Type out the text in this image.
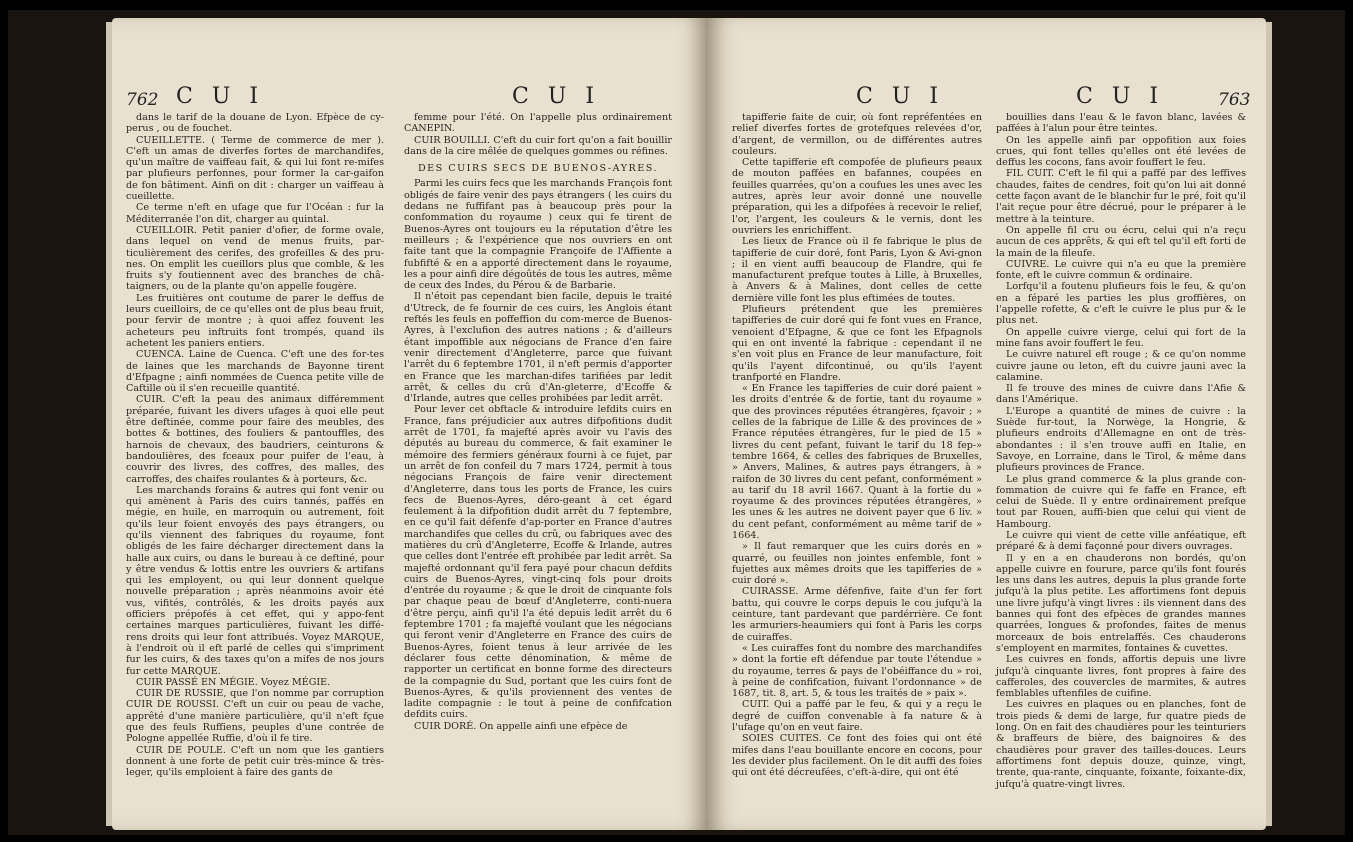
762 C U I	C U I

dans le tarif de la douane de Lyon. Efpèce de cy-perus , ou de fouchet.

CUEILLETTE. ( Terme de commerce de mer ). C'eft un amas de diverfes fortes de marchandifes, qu'un maître de vaiffeau fait, & qui lui font re-mifes par plufieurs perfonnes, pour former la car-gaifon de fon bâtiment. Ainfi on dit : charger un vaiffeau à cueillette.

Ce terme n'eft en ufage que fur l'Océan : fur la Méditerranée l'on dit, charger au quintal.

CUEILLOIR. Petit panier d'ofier, de forme ovale, dans lequel on vend de menus fruits, par-ticulièrement des cerifes, des grofeilles & des pru-nes. On emplit les cueillors plus que comble, & les fruits s'y foutiennent avec des branches de châ-taigners, ou de la plante qu'on appelle fougère.

Les fruitières ont coutume de parer le deffus de leurs cueilloirs, de ce qu'elles ont de plus beau fruit, pour fervir de montre ; à quoi affez fouvent les acheteurs peu inftruits font trompés, quand ils achetent les paniers entiers.

CUENCA. Laine de Cuenca. C'eft une des for-tes de laines que les marchands de Bayonne tirent d'Efpagne ; ainfi nommées de Cuenca petite ville de Caftille où il s'en recueille quantité.

CUIR. C'eft la peau des animaux différemment préparée, fuivant les divers ufages à quoi elle peut être deftinée, comme pour faire des meubles, des bottes & bottines, des fouliers & pantouffles, des harnois de chevaux, des baudriers, ceinturons & bandoulières, des fceaux pour puifer de l'eau, à couvrir des livres, des coffres, des malles, des carroffes, des chaifes roulantes & à porteurs, &c.

Les marchands forains & autres qui font venir ou qui amènent à Paris des cuirs tannés, paffés en mégie, en huile, en marroquin ou autrement, foit qu'ils leur foient envoyés des pays étrangers, ou qu'ils viennent des fabriques du royaume, font obligés de les faire décharger directement dans la halle aux cuirs, ou dans le bureau à ce deftiné, pour y être vendus & lottis entre les ouvriers & artifans qui les employent, ou qui leur donnent quelque nouvelle préparation ; après néanmoins avoir été vus, vifités, contrôlés, & les droits payés aux officiers prépofés à cet effet, qui y appo-fent certaines marques particulières, fuivant les diffé-rens droits qui leur font attribués. Voyez MARQUE, à l'endroit où il eft parlé de celles qui s'impriment fur les cuirs, & des taxes qu'on a mifes de nos jours fur cette MARQUE.

CUIR PASSÉ EN MÉGIE. Voyez MÉGIE.

CUIR DE RUSSIE, que l'on nomme par corruption CUIR DE ROUSSI. C'eft un cuir ou peau de vache, apprêté d'une manière particulière, qu'il n'eft fçue que des feuls Ruffiens, peuples d'une contrée de Pologne appellée Ruffie, d'où il fe tire.

CUIR DE POULE. C'eft un nom que les gantiers donnent à une forte de petit cuir très-mince & très-leger, qu'ils emploient à faire des gants de

femme pour l'été. On l'appelle plus ordinairement CANEPIN.

CUIR BOUILLI. C'eft du cuir fort qu'on a fait bouillir dans de la cire mêlée de quelques gommes ou réfines.

DES CUIRS SECS DE BUENOS-AYRES.

Parmi les cuirs fecs que les marchands François font obligés de faire venir des pays étrangers ( les cuirs du dedans ne fuffifant pas à beaucoup près pour la confommation du royaume ) ceux qui fe tirent de Buenos-Ayres ont toujours eu la réputation d'être les meilleurs ; & l'expérience que nos ouvriers en ont faite tant que la compagnie Françoife de l'Affiente a fubfifté & en a apporté directement dans le royaume, les a pour ainfi dire dégoûtés de tous les autres, même de ceux des Indes, du Pérou & de Barbarie.

Il n'étoit pas cependant bien facile, depuis le traité d'Utreck, de fe fournir de ces cuirs, les Anglois étant reftés les feuls en poffeffion du com-merce de Buenos-Ayres, à l'exclufion des autres nations ; & d'ailleurs étant impoffible aux négocians de France d'en faire venir directement d'Angleterre, parce que fuivant l'arrêt du 6 feptembre 1701, il n'eft permis d'apporter en France que les marchan-difes tarifiées par ledit arrêt, & celles du crû d'An-gleterre, d'Ecoffe & d'Irlande, autres que celles prohibées par ledit arrêt.

Pour lever cet obftacle & introduire lefdits cuirs en France, fans préjudicier aux autres difpofitions dudit arrêt de 1701, fa majefté après avoir vu l'avis des députés au bureau du commerce, & fait examiner le mémoire des fermiers généraux fourni à ce fujet, par un arrêt de fon confeil du 7 mars 1724, permit à tous négocians François de faire venir directement d'Angleterre, dans tous les ports de France, les cuirs fecs de Buenos-Ayres, déro-geant à cet égard feulement à la difpofition dudit arrêt du 7 feptembre, en ce qu'il fait défenfe d'ap-porter en France d'autres marchandifes que celles du crû, ou fabriques avec des matières du crû d'Angleterre, Ecoffe & Irlande, autres que celles dont l'entrée eft prohibée par ledit arrêt. Sa majefté ordonnant qu'il fera payé pour chacun defdits cuirs de Buenos-Ayres, vingt-cinq fols pour droits d'entrée du royaume ; & que le droit de cinquante fols par chaque peau de bœuf d'Angleterre, conti-nuera d'être perçu, ainfi qu'il l'a été depuis ledit arrêt du 6 feptembre 1701 ; fa majefté voulant que les négocians qui feront venir d'Angleterre en France des cuirs de Buenos-Ayres, foient tenus à leur arrivée de les déclarer fous cette dénomination, & même de rapporter un certificat en bonne forme des directeurs de la compagnie du Sud, portant que les cuirs font de Buenos-Ayres, & qu'ils proviennent des ventes de ladite compagnie : le tout à peine de confifcation defdits cuirs.

CUIR DORÉ. On appelle ainfi une efpèce de

C U I	C U I	763

tapifferie faite de cuir, où font repréfentées en relief diverfes fortes de grotefques relevées d'or, d'argent, de vermillon, ou de différentes autres couleurs.

Cette tapifferie eft compofée de plufieurs peaux de mouton paffées en bafannes, coupées en feuilles quarrées, qu'on a coufues les unes avec les autres, après leur avoir donné une nouvelle préparation, qui les a difpofées à recevoir le relief, l'or, l'argent, les couleurs & le vernis, dont les ouvriers les enrichiffent.

Les lieux de France où il fe fabrique le plus de tapifferie de cuir doré, font Paris, Lyon & Avi-gnon ; il en vient auffi beaucoup de Flandre, qui fe manufacturent prefque toutes à Lille, à Bruxelles, à Anvers & à Malines, dont celles de cette dernière ville font les plus eftimées de toutes.

Plufieurs prétendent que les premières tapifferies de cuir doré qui fe font vues en France, venoient d'Efpagne, & que ce font les Efpagnols qui en ont inventé la fabrique : cependant il ne s'en voit plus en France de leur manufacture, foit qu'ils l'ayent difcontinué, ou qu'ils l'ayent tranfporté en Flandre.

« En France les tapifferies de cuir doré paient » les droits d'entrée & de fortie, tant du royaume » que des provinces réputées étrangères, fçavoir ; » celles de la fabrique de Lille & des provinces de » France réputées étrangères, fur le pied de 15 » livres du cent pefant, fuivant le tarif du 18 fep-» tembre 1664, & celles des fabriques de Bruxelles, » Anvers, Malines, & autres pays étrangers, à » raifon de 30 livres du cent pefant, conformément » au tarif du 18 avril 1667. Quant à la fortie du » royaume & des provinces réputées étrangères, » les unes & les autres ne doivent payer que 6 liv. » du cent pefant, conformément au même tarif de » 1664.

» Il faut remarquer que les cuirs dorés en » quarré, ou feuilles non jointes enfemble, font » fujettes aux mêmes droits que les tapifferies de » cuir doré ».

CUIRASSE. Arme défenfive, faite d'un fer fort battu, qui couvre le corps depuis le cou jufqu'à la ceinture, tant pardevant que pardérrière. Ce font les armuriers-heaumiers qui font à Paris les corps de cuiraffes.

« Les cuiraffes font du nombre des marchandifes » dont la fortie eft défendue par toute l'étendue » du royaume, terres & pays de l'obéiffance du » roi, à peine de confifcation, fuivant l'ordonnance » de 1687, tit. 8, art. 5, & tous les traités de » paix ».

CUIT. Qui a paffé par le feu, & qui y a reçu le degré de cuiffon convenable à fa nature & à l'ufage qu'on en veut faire.

SOIES CUITES. Ce font des foies qui ont été mifes dans l'eau bouillante encore en cocons, pour les devider plus facilement. On le dit auffi des foies qui ont été décreufées, c'eft-à-dire, qui ont été

bouillies dans l'eau & le favon blanc, lavées & paffées à l'alun pour être teintes.

On les appelle ainfi par oppofition aux foies crues, qui font telles qu'elles ont été levées de deffus les cocons, fans avoir fouffert le feu.

FIL CUIT. C'eft le fil qui a paffé par des leffives chaudes, faites de cendres, foit qu'on lui ait donné cette façon avant de le blanchir fur le pré, foit qu'il l'ait reçue pour être décrué, pour le préparer à le mettre à la teinture.

On appelle fil cru ou écru, celui qui n'a reçu aucun de ces apprêts, & qui eft tel qu'il eft forti de la main de la fileufe.

CUIVRE. Le cuivre qui n'a eu que la première fonte, eft le cuivre commun & ordinaire.

Lorfqu'il a foutenu plufieurs fois le feu, & qu'on en a féparé les parties les plus groffières, on l'appelle rofette, & c'eft le cuivre le plus pur & le plus net.

On appelle cuivre vierge, celui qui fort de la mine fans avoir fouffert le feu.

Le cuivre naturel eft rouge ; & ce qu'on nomme cuivre jaune ou leton, eft du cuivre jauni avec la calamine.

Il fe trouve des mines de cuivre dans l'Afie & dans l'Amérique.

L'Europe a quantité de mines de cuivre : la Suède fur-tout, la Norwège, la Hongrie, & plufieurs endroits d'Allemagne en ont de très-abondantes : il s'en trouve auffi en Italie, en Savoye, en Lorraine, dans le Tirol, & même dans plufieurs provinces de France.

Le plus grand commerce & la plus grande con-fommation de cuivre qui fe faffe en France, eft celui de Suède. Il y entre ordinairement prefque tout par Rouen, auffi-bien que celui qui vient de Hambourg.

Le cuivre qui vient de cette ville anféatique, eft préparé & à demi façonné pour divers ouvrages.

Il y en a en chauderons non bordés, qu'on appelle cuivre en fourure, parce qu'ils font fourés les uns dans les autres, depuis la plus grande forte jufqu'à la plus petite. Les affortimens font depuis une livre jufqu'à vingt livres : ils viennent dans des bannes qui font des efpèces de grandes mannes quarrées, longues & profondes, faites de menus morceaux de bois entrelaffés. Ces chauderons s'employent en marmites, fontaines & cuvettes.

Les cuivres en fonds, affortis depuis une livre jufqu'à cinquante livres, font propres à faire des cafferoles, des couvercles de marmites, & autres femblables uftenfiles de cuifine.

Les cuivres en plaques ou en planches, font de trois pieds & demi de large, fur quatre pieds de long. On en fait des chaudières pour les teinturiers & braffeurs de bière, des baignoires & des chaudières pour graver des tailles-douces. Leurs affortimens font depuis douze, quinze, vingt, trente, qua-rante, cinquante, foixante, foixante-dix, jufqu'à quatre-vingt livres.
